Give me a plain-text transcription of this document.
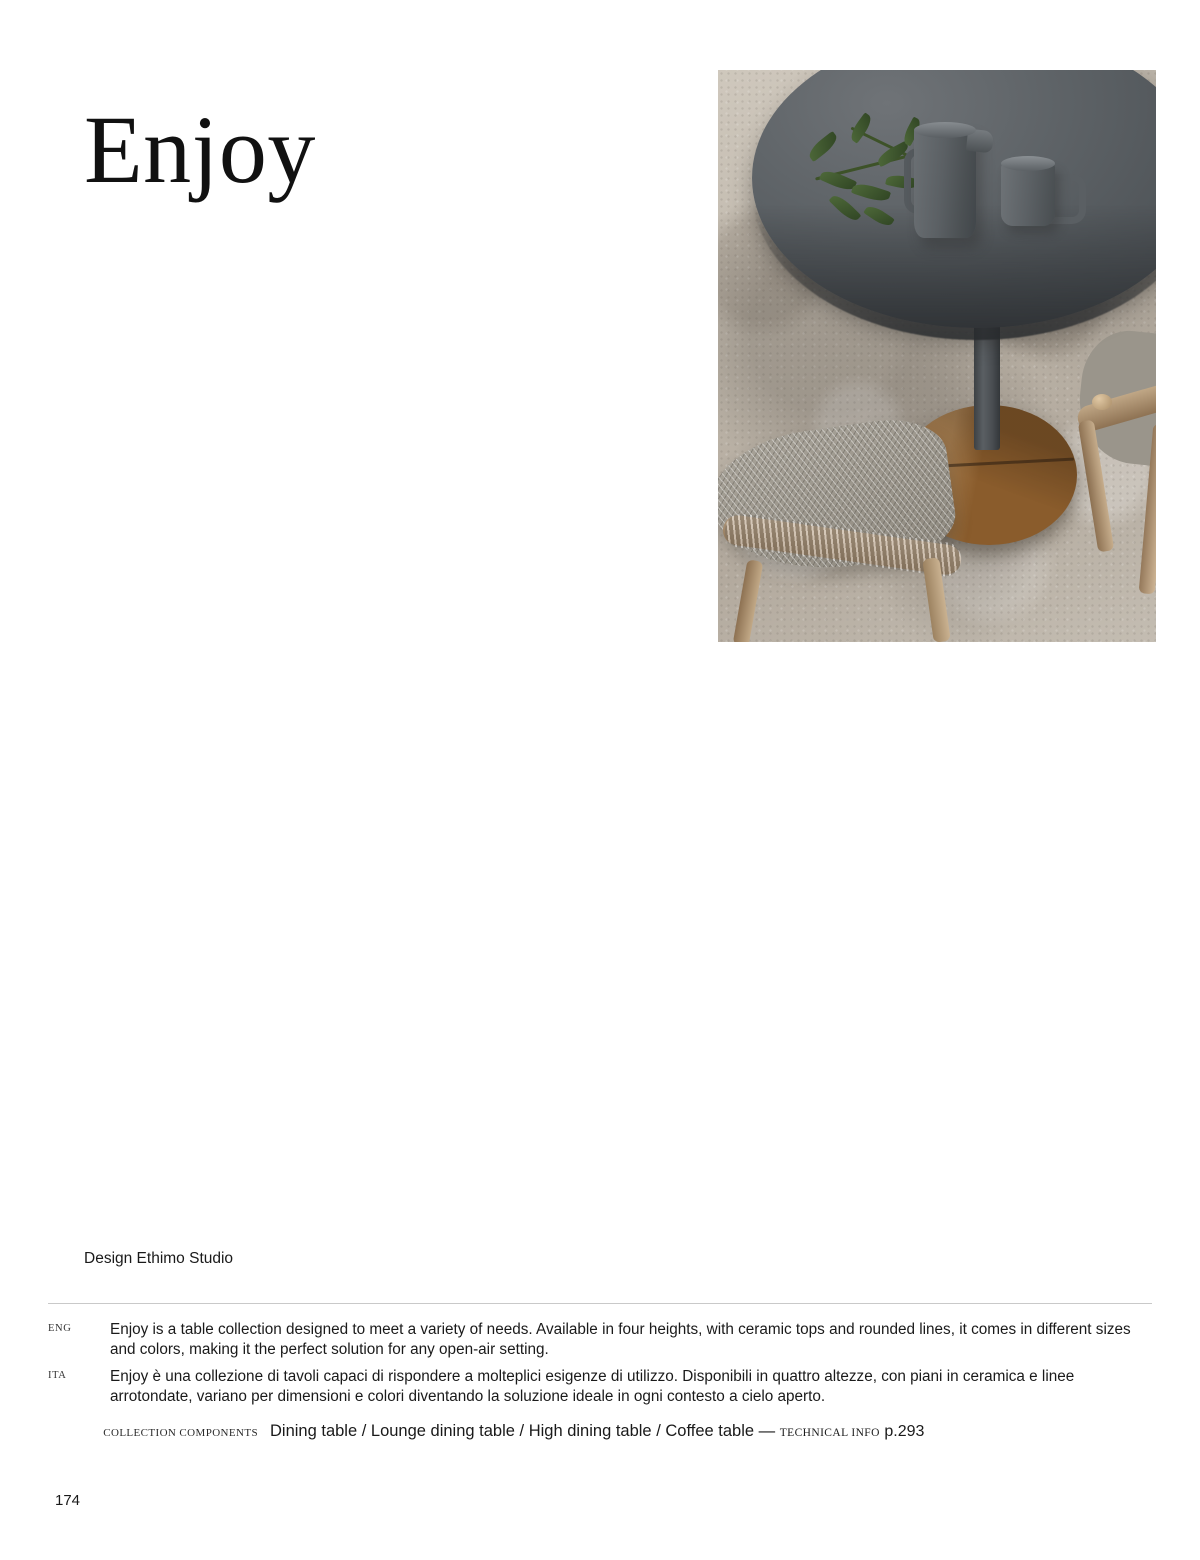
Enjoy
Design Ethimo Studio
ENG	Enjoy is a table collection designed to meet a variety of needs. Available in four heights, with ceramic tops and rounded lines, it comes in different sizes and colors, making it the perfect solution for any open-air setting.
ITA	Enjoy è una collezione di tavoli capaci di rispondere a molteplici esigenze di utilizzo. Disponibili in quattro altezze, con piani in ceramica e linee arrotondate, variano per dimensioni e colori diventando la soluzione ideale in ogni contesto a cielo aperto.
COLLECTION COMPONENTS Dining table / Lounge dining table / High dining table / Coffee table — TECHNICAL INFO p.293
174
